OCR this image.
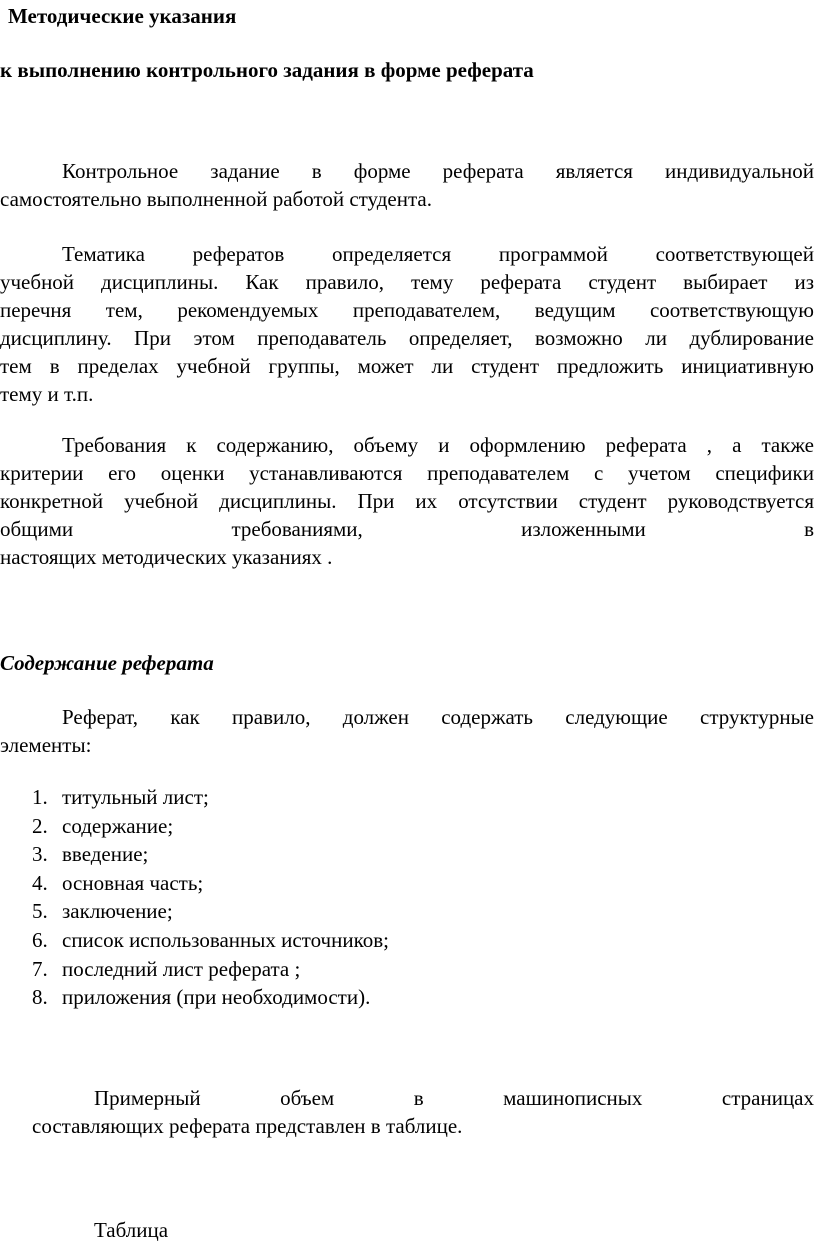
Методические указания
к выполнению контрольного задания в форме реферата
Контрольное задание в форме реферата является индивидуальной
самостоятельно выполненной работой студента.
Тематика рефератов определяется программой соответствующей
учебной дисциплины. Как правило, тему реферата студент выбирает из
перечня тем, рекомендуемых преподавателем, ведущим соответствующую
дисциплину. При этом преподаватель определяет, возможно ли дублирование
тем в пределах учебной группы, может ли студент предложить инициативную
тему и т.п.
Требования к содержанию, объему и оформлению реферата , а также
критерии его оценки устанавливаются преподавателем с учетом специфики
конкретной учебной дисциплины. При их отсутствии студент руководствуется
общими требованиями, изложенными в
настоящих методических указаниях .
Содержание реферата
Реферат, как правило, должен содержать следующие структурные
элементы:
1. титульный лист;
2. содержание;
3. введение;
4. основная часть;
5. заключение;
6. список использованных источников;
7. последний лист реферата ;
8. приложения (при необходимости).
Примерный объем в машинописных страницах
составляющих реферата представлен в таблице.
Таблица
